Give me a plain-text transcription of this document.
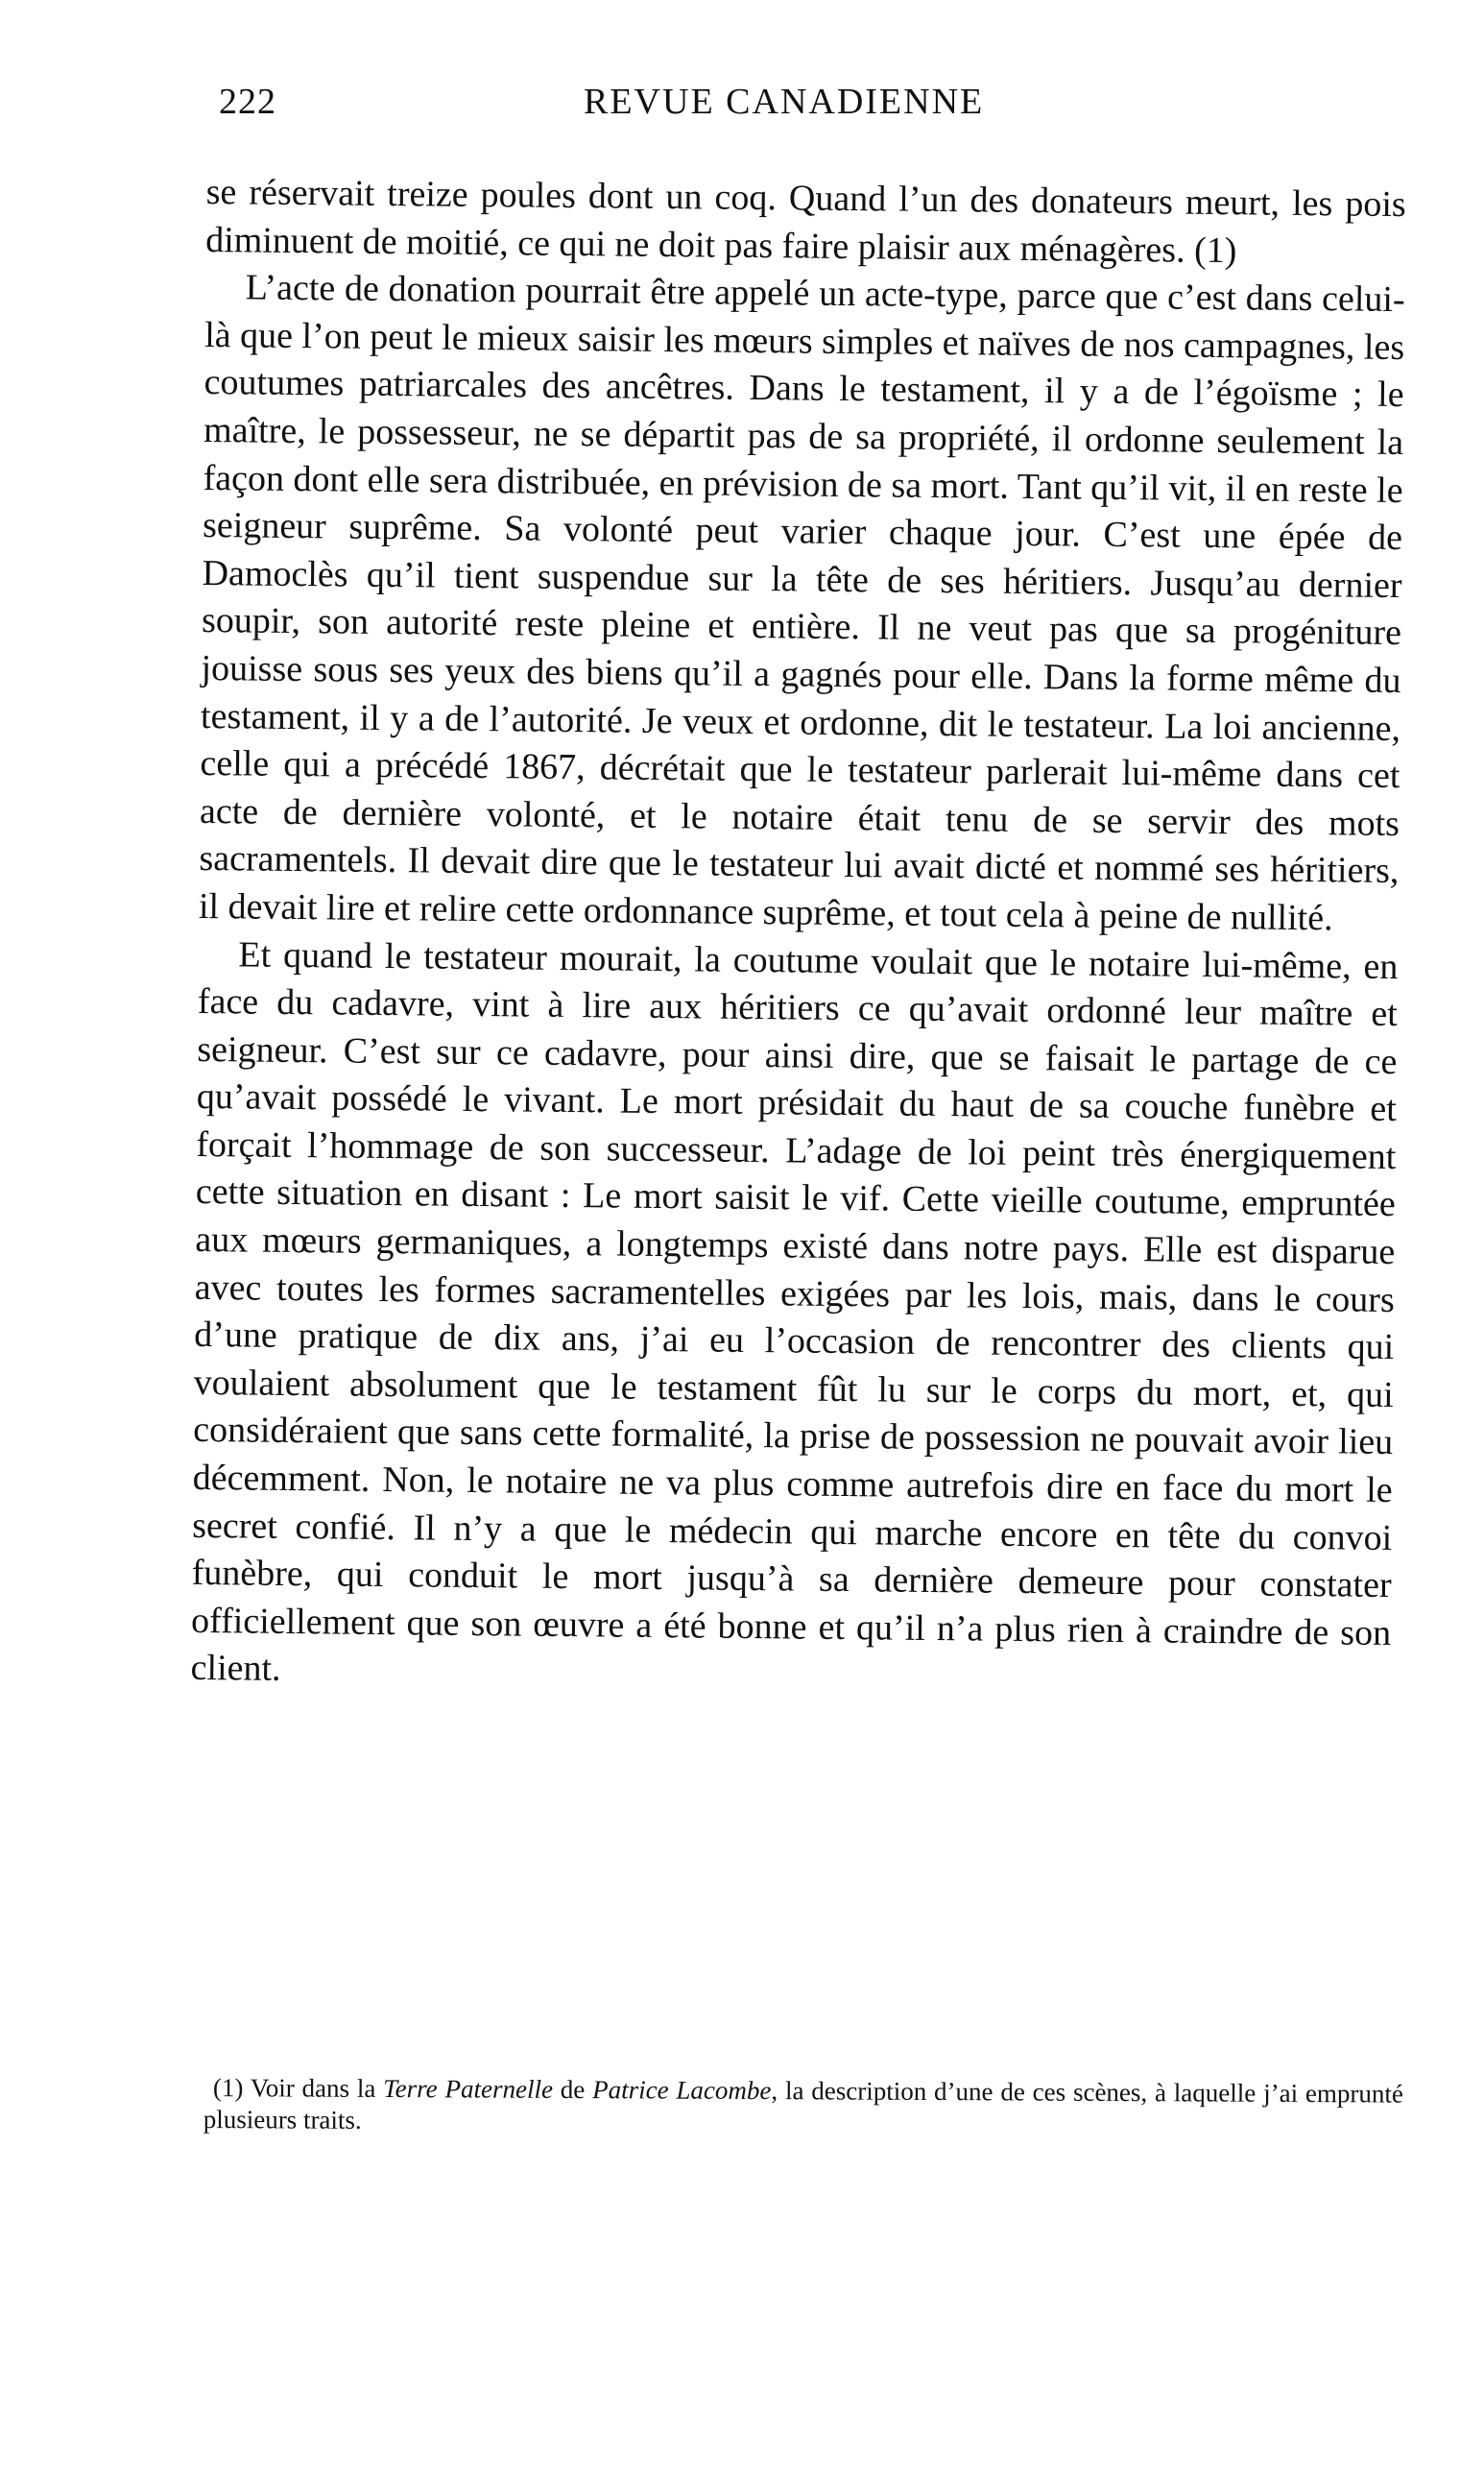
222	REVUE CANADIENNE

se réservait treize poules dont un coq. Quand l’un des donateurs meurt, les pois diminuent de moitié, ce qui ne doit pas faire plaisir aux ménagères. (1)

L’acte de donation pourrait être appelé un acte-type, parce que c’est dans celui-là que l’on peut le mieux saisir les mœurs simples et naïves de nos campagnes, les coutumes patriarcales des ancêtres. Dans le testament, il y a de l’égoïsme ; le maître, le possesseur, ne se départit pas de sa propriété, il ordonne seulement la façon dont elle sera distribuée, en prévision de sa mort. Tant qu’il vit, il en reste le seigneur suprême. Sa volonté peut varier chaque jour. C’est une épée de Damoclès qu’il tient suspendue sur la tête de ses héritiers. Jusqu’au dernier soupir, son autorité reste pleine et entière. Il ne veut pas que sa progéniture jouisse sous ses yeux des biens qu’il a gagnés pour elle. Dans la forme même du testament, il y a de l’autorité. Je veux et ordonne, dit le testateur. La loi ancienne, celle qui a précédé 1867, décrétait que le testateur parlerait lui-même dans cet acte de dernière volonté, et le notaire était tenu de se servir des mots sacramentels. Il devait dire que le testateur lui avait dicté et nommé ses héritiers, il devait lire et relire cette ordonnance suprême, et tout cela à peine de nullité.

Et quand le testateur mourait, la coutume voulait que le notaire lui-même, en face du cadavre, vint à lire aux héritiers ce qu’avait ordonné leur maître et seigneur. C’est sur ce cadavre, pour ainsi dire, que se faisait le partage de ce qu’avait possédé le vivant. Le mort présidait du haut de sa couche funèbre et forçait l’hommage de son successeur. L’adage de loi peint très énergiquement cette situation en disant : Le mort saisit le vif. Cette vieille coutume, empruntée aux mœurs germaniques, a longtemps existé dans notre pays. Elle est disparue avec toutes les formes sacramentelles exigées par les lois, mais, dans le cours d’une pratique de dix ans, j’ai eu l’occasion de rencontrer des clients qui voulaient absolument que le testament fût lu sur le corps du mort, et, qui considéraient que sans cette formalité, la prise de possession ne pouvait avoir lieu décemment. Non, le notaire ne va plus comme autrefois dire en face du mort le secret confié. Il n’y a que le médecin qui marche encore en tête du convoi funèbre, qui conduit le mort jusqu’à sa dernière demeure pour constater officiellement que son œuvre a été bonne et qu’il n’a plus rien à craindre de son client.

(1) Voir dans la Terre Paternelle de Patrice Lacombe, la description d’une de ces scènes, à laquelle j’ai emprunté plusieurs traits.
